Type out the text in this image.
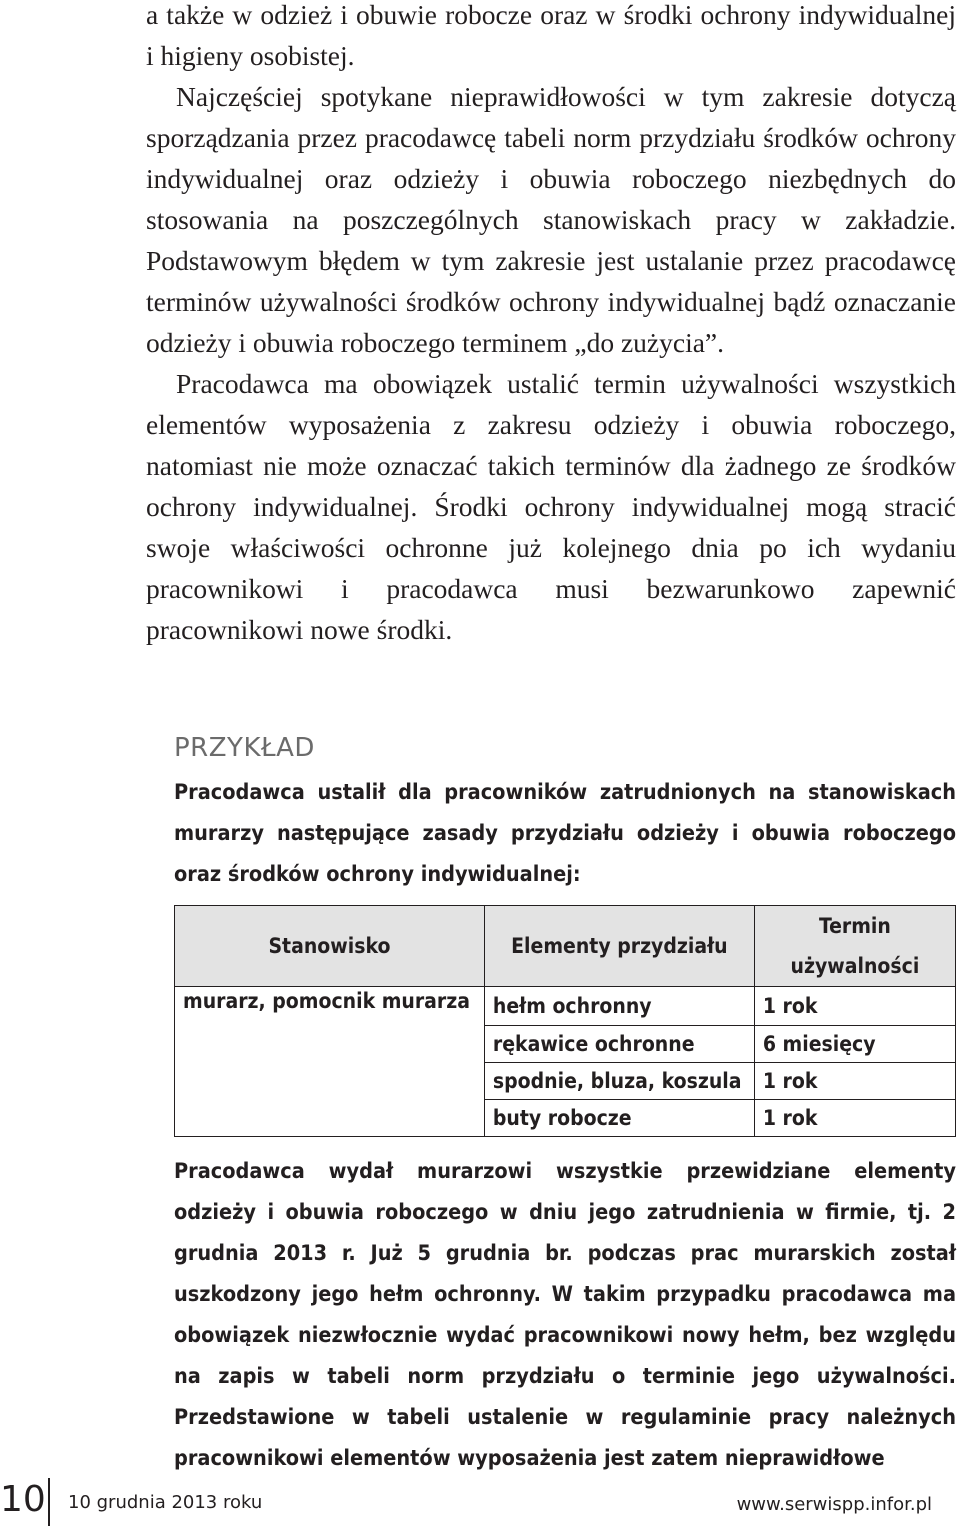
a także w odzież i obuwie robocze oraz w środki ochrony indywidualnej i higieny osobistej.

Najczęściej spotykane nieprawidłowości w tym zakresie dotyczą sporządzania przez pracodawcę tabeli norm przydziału środków ochrony indywidualnej oraz odzieży i obuwia roboczego niezbędnych do stosowania na poszczególnych stanowiskach pracy w zakładzie. Podstawowym błędem w tym zakresie jest ustalanie przez pracodawcę terminów używalności środków ochrony indywidualnej bądź oznaczanie odzieży i obuwia roboczego terminem „do zużycia”.

Pracodawca ma obowiązek ustalić termin używalności wszystkich elementów wyposażenia z zakresu odzieży i obuwia roboczego, natomiast nie może oznaczać takich terminów dla żadnego ze środków ochrony indywidualnej. Środki ochrony indywidualnej mogą stracić swoje właściwości ochronne już kolejnego dnia po ich wydaniu pracownikowi i pracodawca musi bezwarunkowo zapewnić pracownikowi nowe środki.

PRZYKŁAD

Pracodawca ustalił dla pracowników zatrudnionych na stanowiskach murarzy następujące zasady przydziału odzieży i obuwia roboczego oraz środków ochrony indywidualnej:

Stanowisko	Elementy przydziału	Termin używalności
murarz, pomocnik murarza	hełm ochronny	1 rok
	rękawice ochronne	6 miesięcy
	spodnie, bluza, koszula	1 rok
	buty robocze	1 rok

Pracodawca wydał murarzowi wszystkie przewidziane elementy odzieży i obuwia roboczego w dniu jego zatrudnienia w firmie, tj. 2 grudnia 2013 r. Już 5 grudnia br. podczas prac murarskich został uszkodzony jego hełm ochronny. W takim przypadku pracodawca ma obowiązek niezwłocznie wydać pracownikowi nowy hełm, bez względu na zapis w tabeli norm przydziału o terminie jego używalności. Przedstawione w tabeli ustalenie w regulaminie pracy należnych pracownikowi elementów wyposażenia jest zatem nieprawidłowe

10 10 grudnia 2013 roku	www.serwispp.infor.pl
